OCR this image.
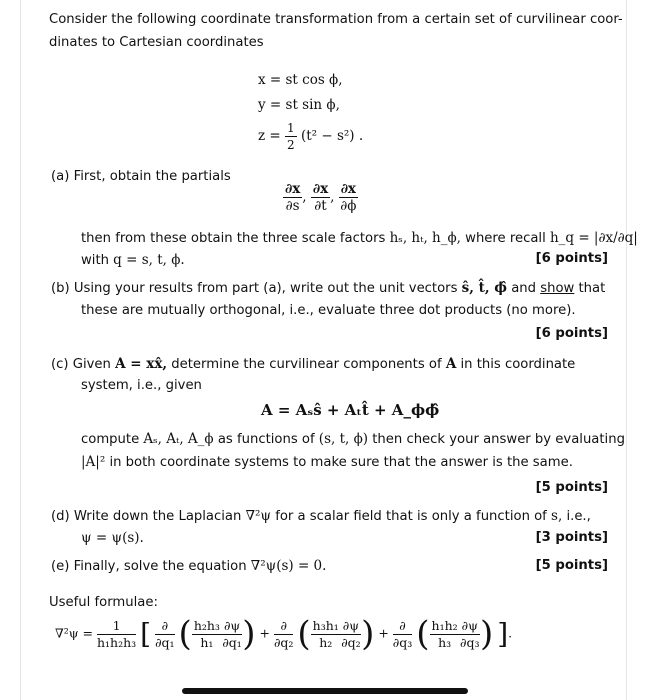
Consider the following coordinate transformation from a certain set of curvilinear coor-
dinates to Cartesian coordinates
x = st cos ϕ,
y = st sin ϕ,
$z = \frac{1}{2} (t^2 - s^2)$ .
(a) First, obtain the partials
$\frac{\partial x}{\partial s}$ , $\frac{\partial x}{\partial t}$ , $\frac{\partial x}{\partial\phi}$
then from these obtain the three scale factors hₛ, hₜ, h_ϕ, where recall h_q = |∂x/∂q|
with q = s, t, ϕ.	[6 points]
(b) Using your results from part (a), write out the unit vectors ŝ, t̂, ϕ̂ and show that
these are mutually orthogonal, i.e., evaluate three dot products (no more).
[6 points]
(c) Given A = xx̂, determine the curvilinear components of A in this coordinate
system, i.e., given
A = Aₛŝ + Aₜt̂ + A_ϕϕ̂
compute Aₛ, Aₜ, A_ϕ as functions of (s, t, ϕ) then check your answer by evaluating
|A|² in both coordinate systems to make sure that the answer is the same.
[5 points]
(d) Write down the Laplacian ∇²ψ for a scalar field that is only a function of s, i.e.,
ψ = ψ(s).	[3 points]
(e) Finally, solve the equation ∇²ψ(s) = 0.	[5 points]
Useful formulae:
$\nabla^2\psi = \frac{1}{\text{h₁h₂h₃}}$ [ $\frac{\partial}{\text{∂q₁}}$ ( $\frac{\text{h₂h₃}}{\text{h₁}} \frac{\partial\psi}{\text{∂q₁}}$ ) + $\frac{\partial}{\text{∂q₂}}$ ( $\frac{\text{h₃h₁}}{\text{h₂}} \frac{\partial\psi}{\text{∂q₂}}$ ) + $\frac{\partial}{\text{∂q₃}}$ ( $\frac{\text{h₁h₂}}{\text{h₃}} \frac{\partial\psi}{\text{∂q₃}}$ ) ].
